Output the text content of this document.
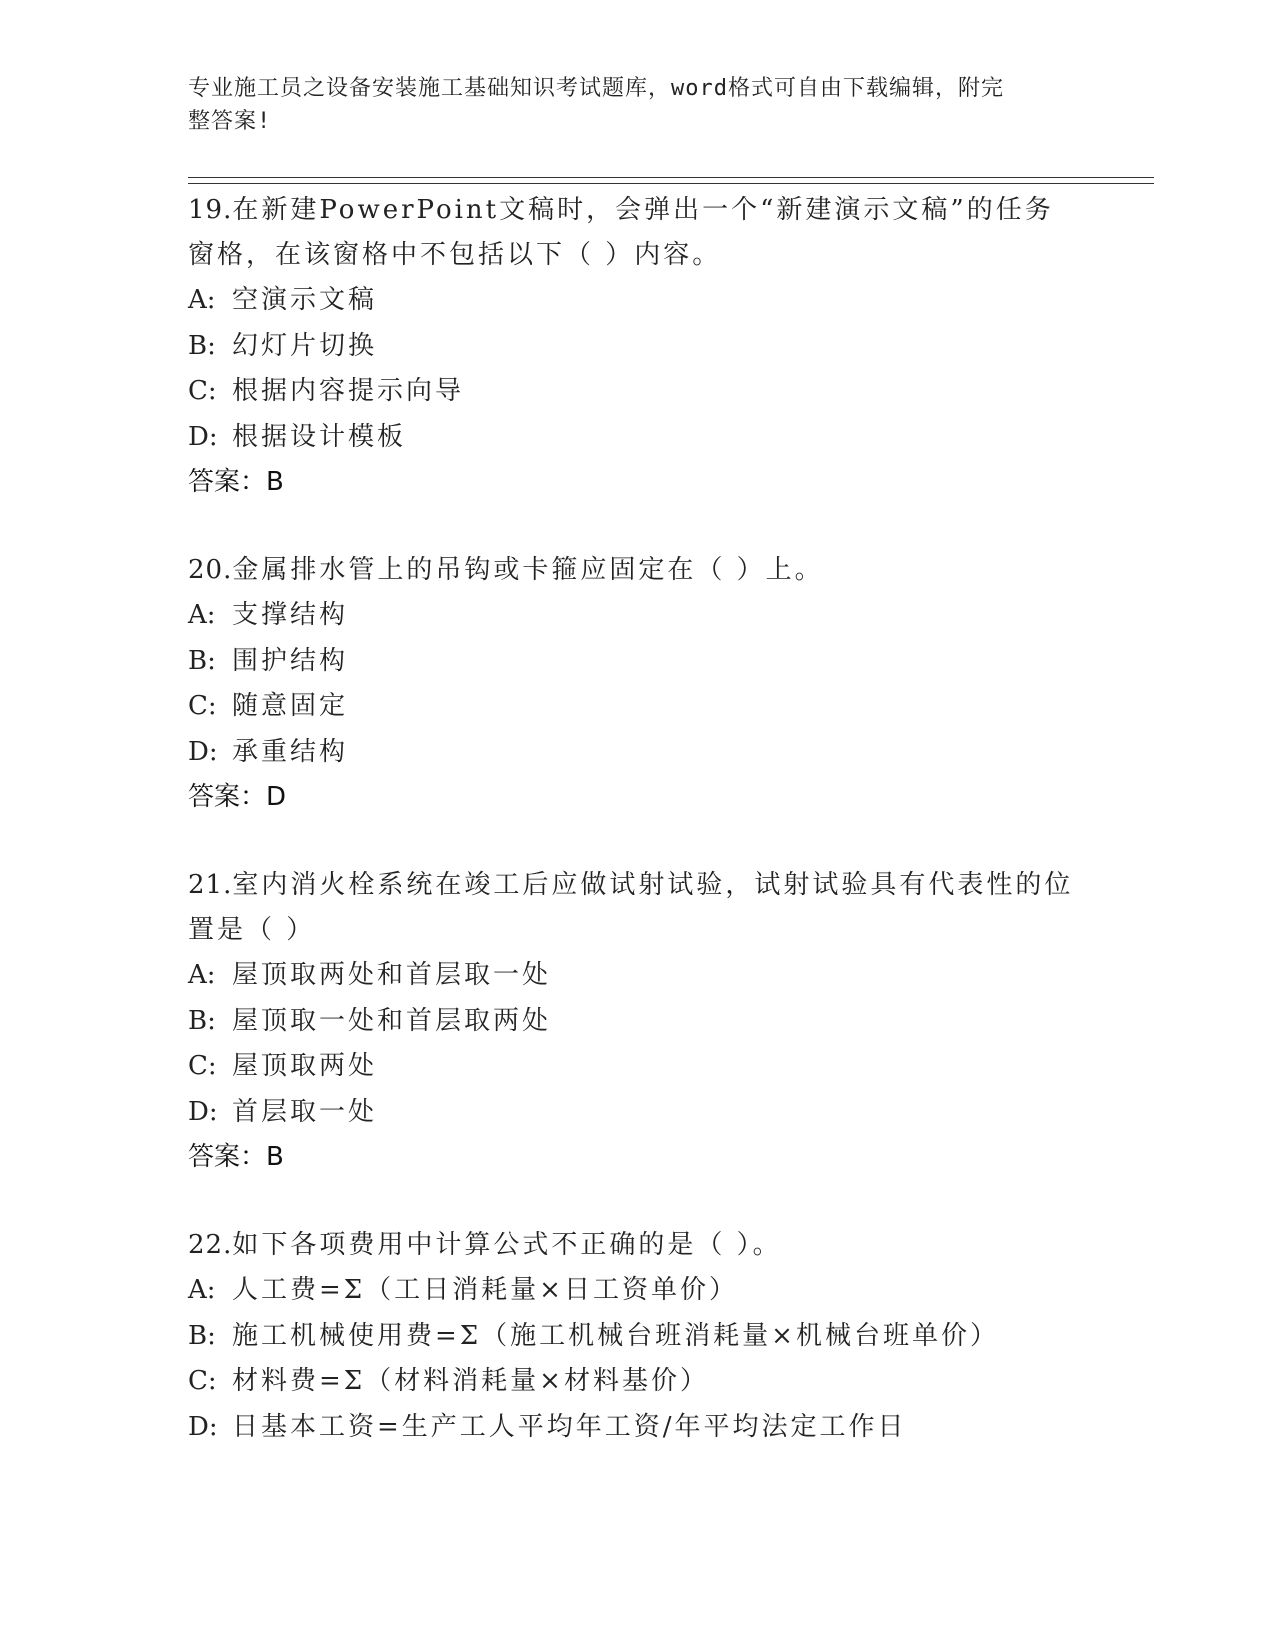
专业施工员之设备安装施工基础知识考试题库，word格式可自由下载编辑，附完
整答案!
19.在新建PowerPoint文稿时，会弹出一个“新建演示文稿”的任务
窗格，在该窗格中不包括以下（ ）内容。
A: 空演示文稿
B: 幻灯片切换
C: 根据内容提示向导
D: 根据设计模板
答案：B
20.金属排水管上的吊钩或卡箍应固定在（ ）上。
A: 支撑结构
B: 围护结构
C: 随意固定
D: 承重结构
答案：D
21.室内消火栓系统在竣工后应做试射试验，试射试验具有代表性的位
置是（ ）
A: 屋顶取两处和首层取一处
B: 屋顶取一处和首层取两处
C: 屋顶取两处
D: 首层取一处
答案：B
22.如下各项费用中计算公式不正确的是（ ）。
A: 人工费=Σ（工日消耗量×日工资单价）
B: 施工机械使用费=Σ（施工机械台班消耗量×机械台班单价）
C: 材料费=Σ（材料消耗量×材料基价）
D: 日基本工资=生产工人平均年工资/年平均法定工作日
